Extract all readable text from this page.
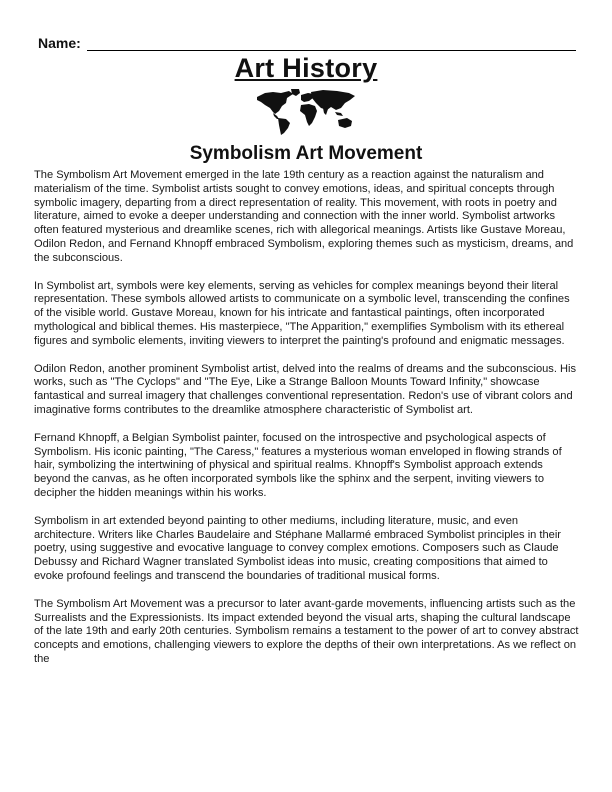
Name:
Art History
Symbolism Art Movement

The Symbolism Art Movement emerged in the late 19th century as a reaction against the naturalism and materialism of the time. Symbolist artists sought to convey emotions, ideas, and spiritual concepts through symbolic imagery, departing from a direct representation of reality. This movement, with roots in poetry and literature, aimed to evoke a deeper understanding and connection with the inner world. Symbolist artworks often featured mysterious and dreamlike scenes, rich with allegorical meanings. Artists like Gustave Moreau, Odilon Redon, and Fernand Khnopff embraced Symbolism, exploring themes such as mysticism, dreams, and the subconscious.

In Symbolist art, symbols were key elements, serving as vehicles for complex meanings beyond their literal representation. These symbols allowed artists to communicate on a symbolic level, transcending the confines of the visible world. Gustave Moreau, known for his intricate and fantastical paintings, often incorporated mythological and biblical themes. His masterpiece, "The Apparition," exemplifies Symbolism with its ethereal figures and symbolic elements, inviting viewers to interpret the painting's profound and enigmatic messages.

Odilon Redon, another prominent Symbolist artist, delved into the realms of dreams and the subconscious. His works, such as "The Cyclops" and "The Eye, Like a Strange Balloon Mounts Toward Infinity," showcase fantastical and surreal imagery that challenges conventional representation. Redon's use of vibrant colors and imaginative forms contributes to the dreamlike atmosphere characteristic of Symbolist art.

Fernand Khnopff, a Belgian Symbolist painter, focused on the introspective and psychological aspects of Symbolism. His iconic painting, "The Caress," features a mysterious woman enveloped in flowing strands of hair, symbolizing the intertwining of physical and spiritual realms. Khnopff's Symbolist approach extends beyond the canvas, as he often incorporated symbols like the sphinx and the serpent, inviting viewers to decipher the hidden meanings within his works.

Symbolism in art extended beyond painting to other mediums, including literature, music, and even architecture. Writers like Charles Baudelaire and Stéphane Mallarmé embraced Symbolist principles in their poetry, using suggestive and evocative language to convey complex emotions. Composers such as Claude Debussy and Richard Wagner translated Symbolist ideas into music, creating compositions that aimed to evoke profound feelings and transcend the boundaries of traditional musical forms.

The Symbolism Art Movement was a precursor to later avant-garde movements, influencing artists such as the Surrealists and the Expressionists. Its impact extended beyond the visual arts, shaping the cultural landscape of the late 19th and early 20th centuries. Symbolism remains a testament to the power of art to convey abstract concepts and emotions, challenging viewers to explore the depths of their own interpretations. As we reflect on the
